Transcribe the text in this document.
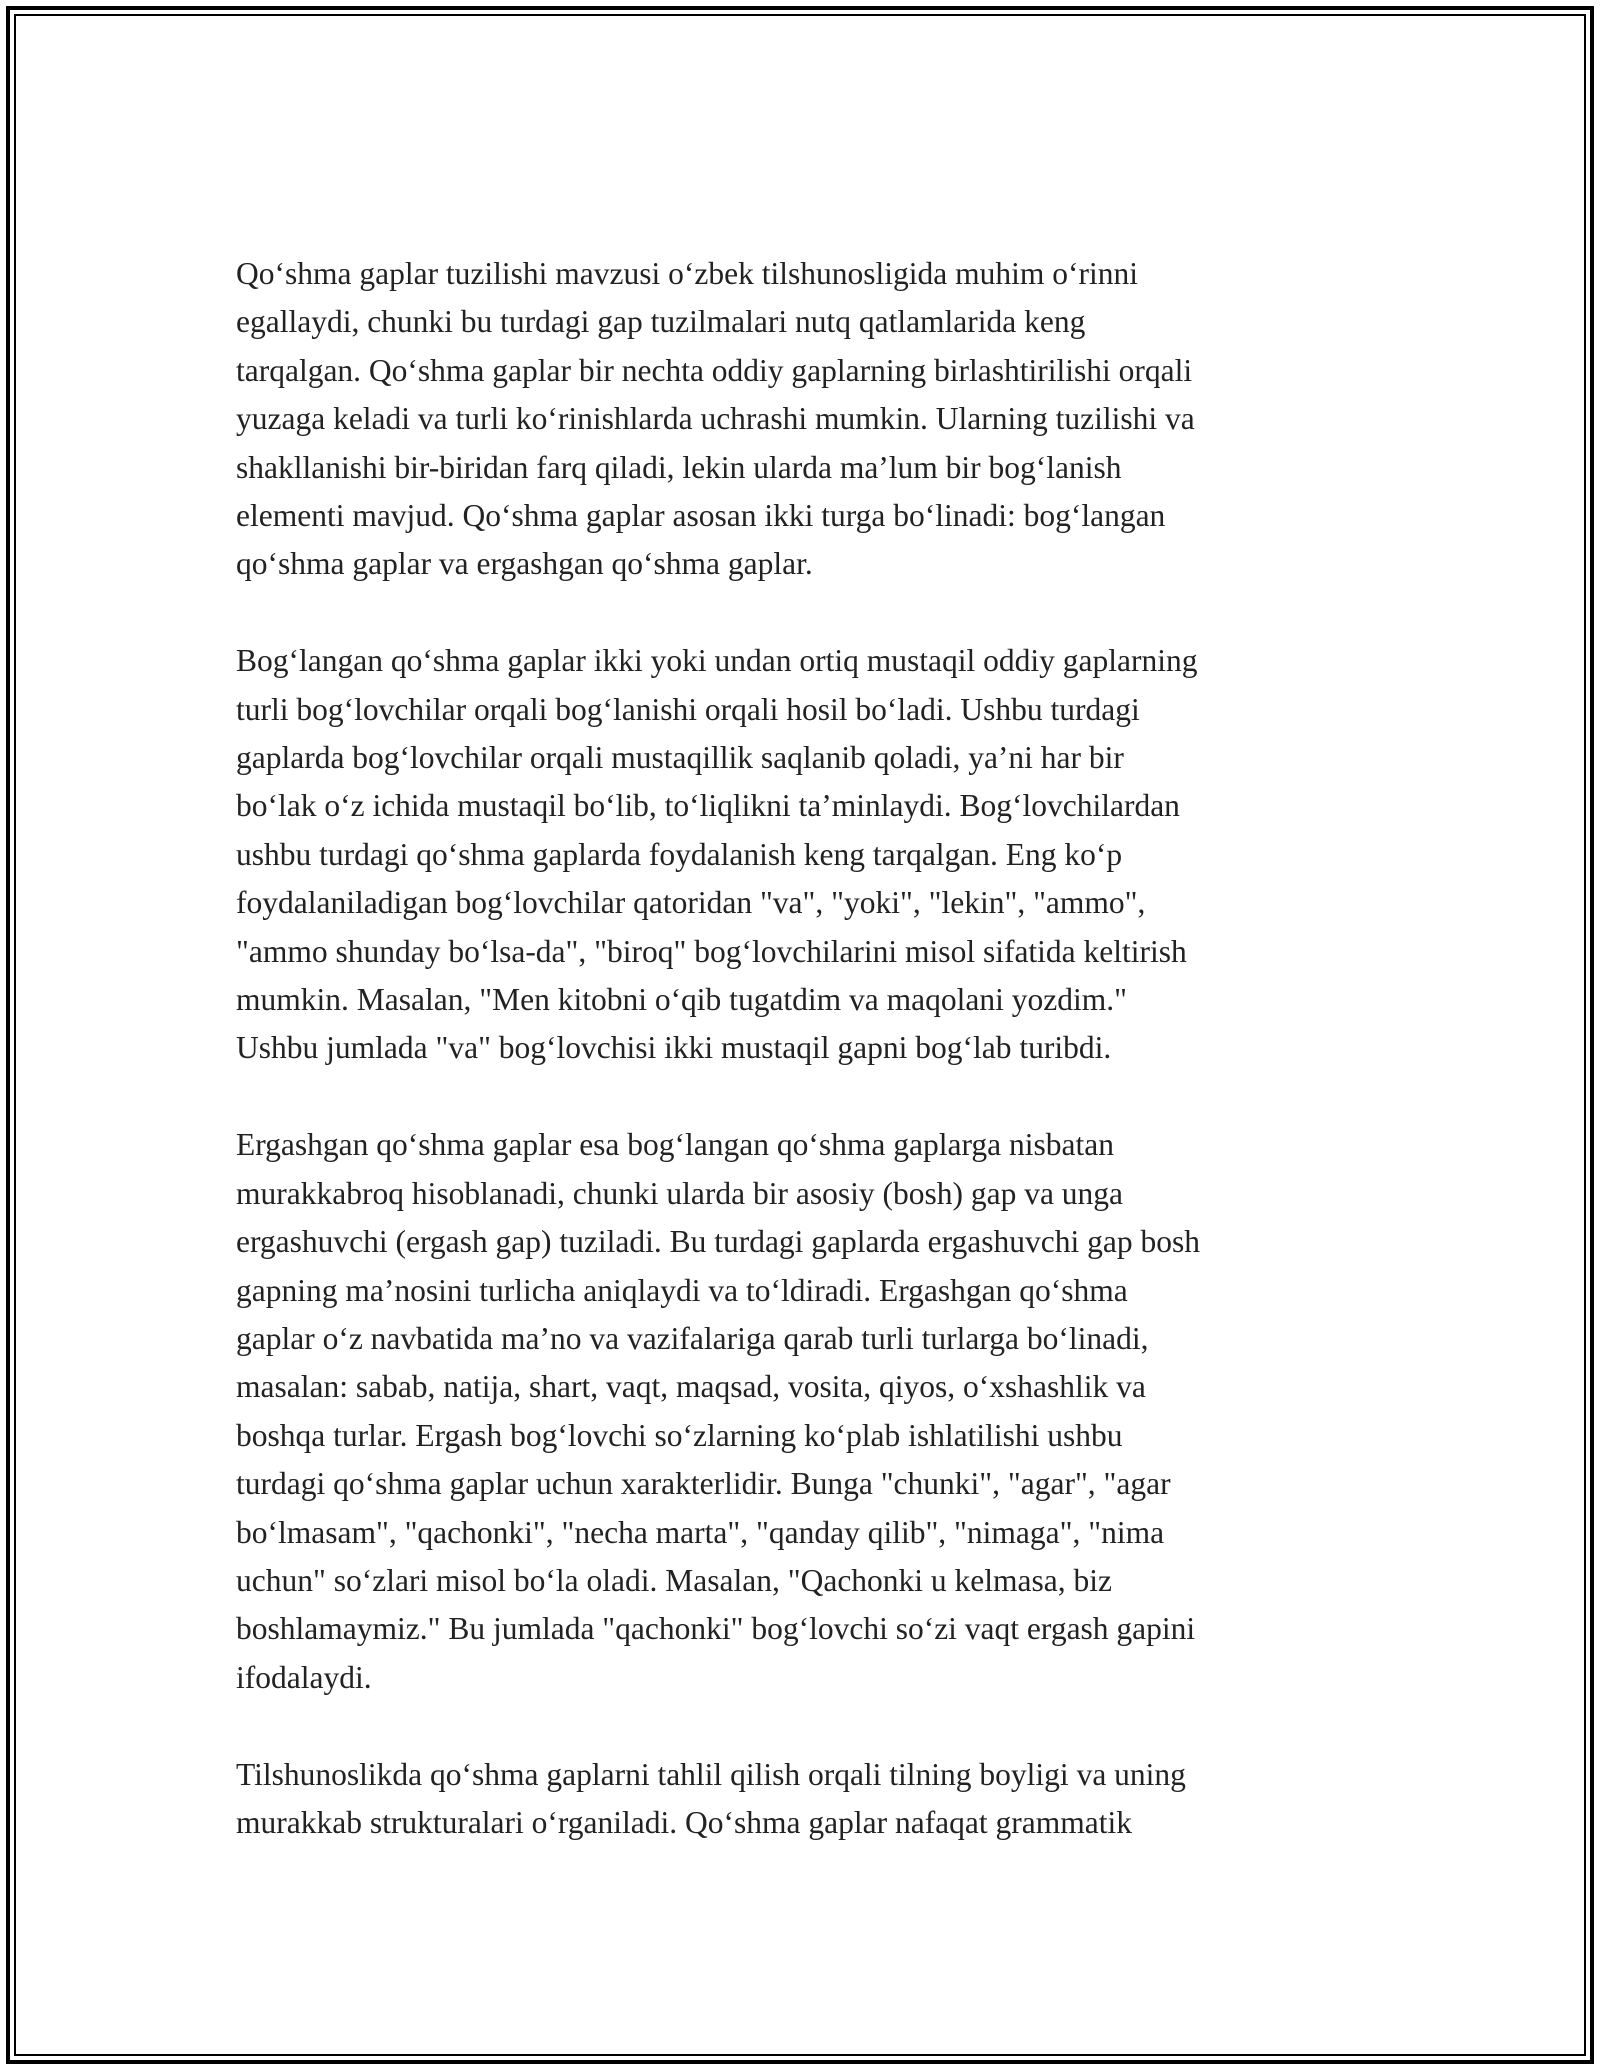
Qo‘shma gaplar tuzilishi mavzusi o‘zbek tilshunosligida muhim o‘rinni
egallaydi, chunki bu turdagi gap tuzilmalari nutq qatlamlarida keng
tarqalgan. Qo‘shma gaplar bir nechta oddiy gaplarning birlashtirilishi orqali
yuzaga keladi va turli ko‘rinishlarda uchrashi mumkin. Ularning tuzilishi va
shakllanishi bir-biridan farq qiladi, lekin ularda ma’lum bir bog‘lanish
elementi mavjud. Qo‘shma gaplar asosan ikki turga bo‘linadi: bog‘langan
qo‘shma gaplar va ergashgan qo‘shma gaplar.

Bog‘langan qo‘shma gaplar ikki yoki undan ortiq mustaqil oddiy gaplarning
turli bog‘lovchilar orqali bog‘lanishi orqali hosil bo‘ladi. Ushbu turdagi
gaplarda bog‘lovchilar orqali mustaqillik saqlanib qoladi, ya’ni har bir
bo‘lak o‘z ichida mustaqil bo‘lib, to‘liqlikni ta’minlaydi. Bog‘lovchilardan
ushbu turdagi qo‘shma gaplarda foydalanish keng tarqalgan. Eng ko‘p
foydalaniladigan bog‘lovchilar qatoridan "va", "yoki", "lekin", "ammo",
"ammo shunday bo‘lsa-da", "biroq" bog‘lovchilarini misol sifatida keltirish
mumkin. Masalan, "Men kitobni o‘qib tugatdim va maqolani yozdim."
Ushbu jumlada "va" bog‘lovchisi ikki mustaqil gapni bog‘lab turibdi.

Ergashgan qo‘shma gaplar esa bog‘langan qo‘shma gaplarga nisbatan
murakkabroq hisoblanadi, chunki ularda bir asosiy (bosh) gap va unga
ergashuvchi (ergash gap) tuziladi. Bu turdagi gaplarda ergashuvchi gap bosh
gapning ma’nosini turlicha aniqlaydi va to‘ldiradi. Ergashgan qo‘shma
gaplar o‘z navbatida ma’no va vazifalariga qarab turli turlarga bo‘linadi,
masalan: sabab, natija, shart, vaqt, maqsad, vosita, qiyos, o‘xshashlik va
boshqa turlar. Ergash bog‘lovchi so‘zlarning ko‘plab ishlatilishi ushbu
turdagi qo‘shma gaplar uchun xarakterlidir. Bunga "chunki", "agar", "agar
bo‘lmasam", "qachonki", "necha marta", "qanday qilib", "nimaga", "nima
uchun" so‘zlari misol bo‘la oladi. Masalan, "Qachonki u kelmasa, biz
boshlamaymiz." Bu jumlada "qachonki" bog‘lovchi so‘zi vaqt ergash gapini
ifodalaydi.

Tilshunoslikda qo‘shma gaplarni tahlil qilish orqali tilning boyligi va uning
murakkab strukturalari o‘rganiladi. Qo‘shma gaplar nafaqat grammatik
